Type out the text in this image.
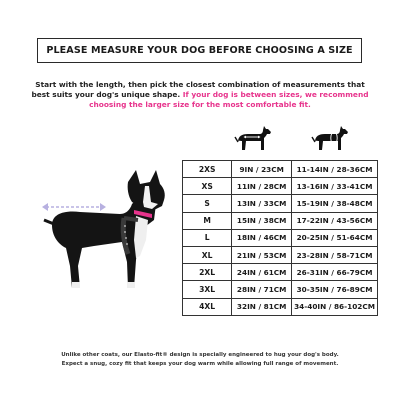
PLEASE MEASURE YOUR DOG BEFORE CHOOSING A SIZE
Start with the length, then pick the closest combination of measurements that best suits your dog's unique shape. If your dog is between sizes, we recommend choosing the larger size for the most comfortable fit.
2XS	9IN / 23CM	11-14IN / 28-36CM
XS	11IN / 28CM	13-16IN / 33-41CM
S	13IN / 33CM	15-19IN / 38-48CM
M	15IN / 38CM	17-22IN / 43-56CM
L	18IN / 46CM	20-25IN / 51-64CM
XL	21IN / 53CM	23-28IN / 58-71CM
2XL	24IN / 61CM	26-31IN / 66-79CM
3XL	28IN / 71CM	30-35IN / 76-89CM
4XL	32IN / 81CM	34-40IN / 86-102CM
Unlike other coats, our Elasto-fit® design is specially engineered to hug your dog's body.
Expect a snug, cozy fit that keeps your dog warm while allowing full range of movement.
